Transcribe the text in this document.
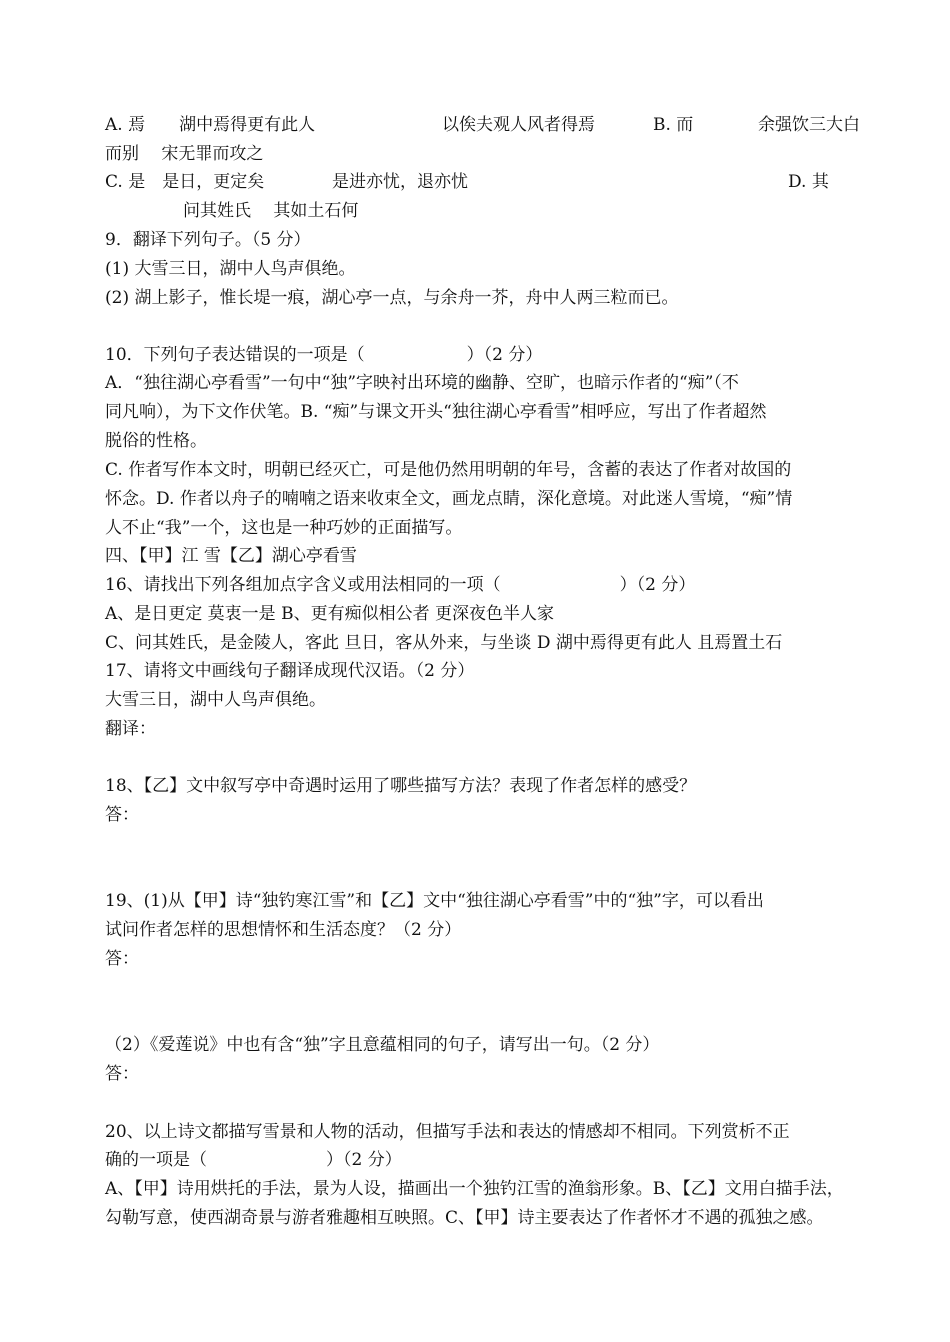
A. 焉　　湖中焉得更有此人	以俟夫观人风者得焉	B. 而	余强饮三大白
而别　 宋无罪而攻之
C. 是　是日，更定矣	是进亦忧，退亦忧	D. 其
问其姓氏　 其如土石何
9．翻译下列句子。（5 分）
(1) 大雪三日，湖中人鸟声俱绝。
(2) 湖上影子，惟长堤一痕，湖心亭一点，与余舟一芥，舟中人两三粒而已。
10．下列句子表达错误的一项是（　　　　　　）（2 分）
A．“独往湖心亭看雪”一句中“独”字映衬出环境的幽静、空旷，也暗示作者的“痴”（不
同凡响），为下文作伏笔。B. “痴”与课文开头“独往湖心亭看雪”相呼应，写出了作者超然
脱俗的性格。
C. 作者写作本文时，明朝已经灭亡，可是他仍然用明朝的年号，含蓄的表达了作者对故国的
怀念。D. 作者以舟子的喃喃之语来收束全文，画龙点睛，深化意境。对此迷人雪境，“痴”情
人不止“我”一个，这也是一种巧妙的正面描写。
四、【甲】江 雪【乙】湖心亭看雪
16、请找出下列各组加点字含义或用法相同的一项（　　　　　　　）（2 分）
A、是日更定 莫衷一是 B、更有痴似相公者 更深夜色半人家
C、问其姓氏，是金陵人，客此 旦日，客从外来，与坐谈 D 湖中焉得更有此人 且焉置土石
17、请将文中画线句子翻译成现代汉语。（2 分）
大雪三日，湖中人鸟声俱绝。
翻译：
18、【乙】文中叙写亭中奇遇时运用了哪些描写方法？表现了作者怎样的感受？
答：
19、(1)从【甲】诗“独钓寒江雪”和【乙】文中“独往湖心亭看雪”中的“独”字，可以看出
试问作者怎样的思想情怀和生活态度？（2 分）
答：
（2）《爱莲说》中也有含“独”字且意蕴相同的句子，请写出一句。（2 分）
答：
20、以上诗文都描写雪景和人物的活动，但描写手法和表达的情感却不相同。下列赏析不正
确的一项是（　　　　　　　）（2 分）
A、【甲】诗用烘托的手法，景为人设，描画出一个独钓江雪的渔翁形象。B、【乙】文用白描手法，
勾勒写意，使西湖奇景与游者雅趣相互映照。C、【甲】诗主要表达了作者怀才不遇的孤独之感。
